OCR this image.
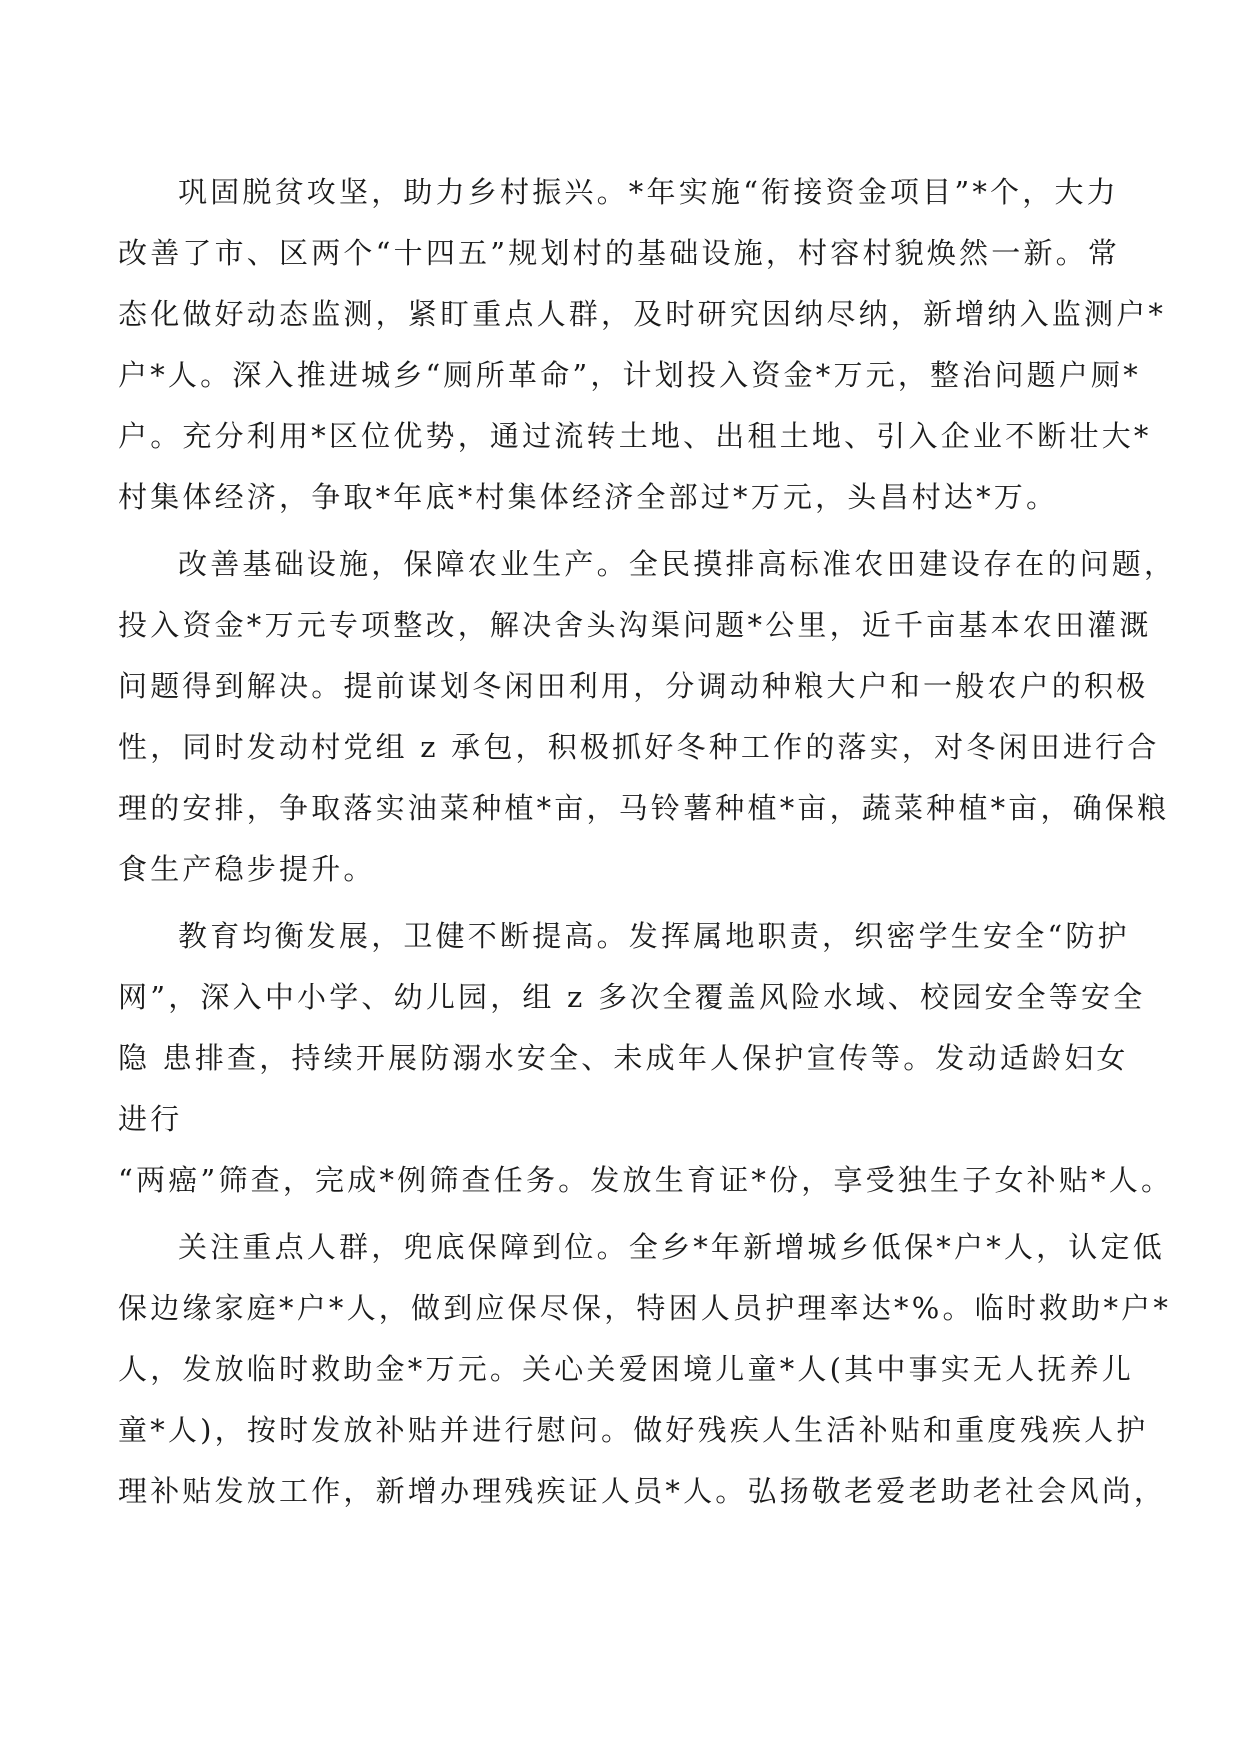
巩固脱贫攻坚，助力乡村振兴。*年实施“衔接资金项目”*个，大力

改善了市、区两个“十四五”规划村的基础设施，村容村貌焕然一新。常

态化做好动态监测，紧盯重点人群，及时研究因纳尽纳，新增纳入监测户*

户*人。深入推进城乡“厕所革命”，计划投入资金*万元，整治问题户厕*

户。充分利用*区位优势，通过流转土地、出租土地、引入企业不断壮大*

村集体经济，争取*年底*村集体经济全部过*万元，头昌村达*万。

改善基础设施，保障农业生产。全民摸排高标准农田建设存在的问题，

投入资金*万元专项整改，解决舍头沟渠问题*公里，近千亩基本农田灌溉

问题得到解决。提前谋划冬闲田利用，分调动种粮大户和一般农户的积极

性，同时发动村党组 z 承包，积极抓好冬种工作的落实，对冬闲田进行合

理的安排，争取落实油菜种植*亩，马铃薯种植*亩，蔬菜种植*亩，确保粮

食生产稳步提升。

教育均衡发展，卫健不断提高。发挥属地职责，织密学生安全“防护

网”，深入中小学、幼儿园，组 z 多次全覆盖风险水域、校园安全等安全

隐 患排查，持续开展防溺水安全、未成年人保护宣传等。发动适龄妇女

进行

“两癌”筛查，完成*例筛查任务。发放生育证*份，享受独生子女补贴*人。

关注重点人群，兜底保障到位。全乡*年新增城乡低保*户*人，认定低

保边缘家庭*户*人，做到应保尽保，特困人员护理率达*%。临时救助*户*

人，发放临时救助金*万元。关心关爱困境儿童*人(其中事实无人抚养儿

童*人)，按时发放补贴并进行慰问。做好残疾人生活补贴和重度残疾人护

理补贴发放工作，新增办理残疾证人员*人。弘扬敬老爱老助老社会风尚，
